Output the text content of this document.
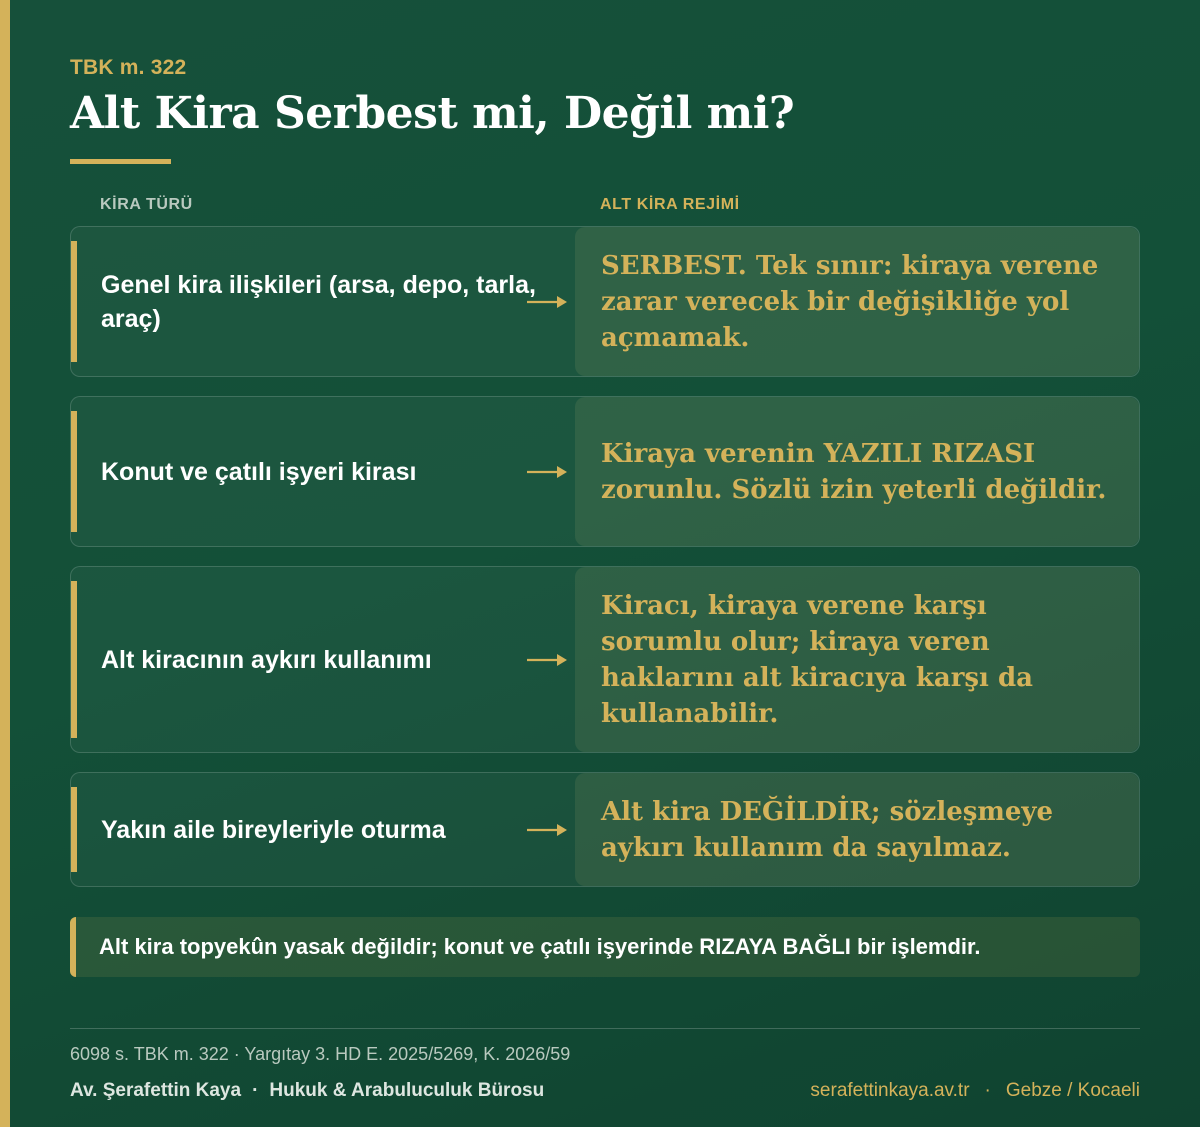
TBK m. 322
Alt Kira Serbest mi, Değil mi?
KİRA TÜRÜ	ALT KİRA REJİMİ
Genel kira ilişkileri (arsa, depo, tarla, araç)
SERBEST. Tek sınır: kiraya verene zarar verecek bir değişikliğe yol açmamak.
Konut ve çatılı işyeri kirası
Kiraya verenin YAZILI RIZASI zorunlu. Sözlü izin yeterli değildir.
Alt kiracının aykırı kullanımı
Kiracı, kiraya verene karşı sorumlu olur; kiraya veren haklarını alt kiracıya karşı da kullanabilir.
Yakın aile bireyleriyle oturma
Alt kira DEĞİLDİR; sözleşmeye aykırı kullanım da sayılmaz.
Alt kira topyekûn yasak değildir; konut ve çatılı işyerinde RIZAYA BAĞLI bir işlemdir.
6098 s. TBK m. 322 · Yargıtay 3. HD E. 2025/5269, K. 2026/59
Av. Şerafettin Kaya · Hukuk & Arabuluculuk Bürosu	serafettinkaya.av.tr · Gebze / Kocaeli
